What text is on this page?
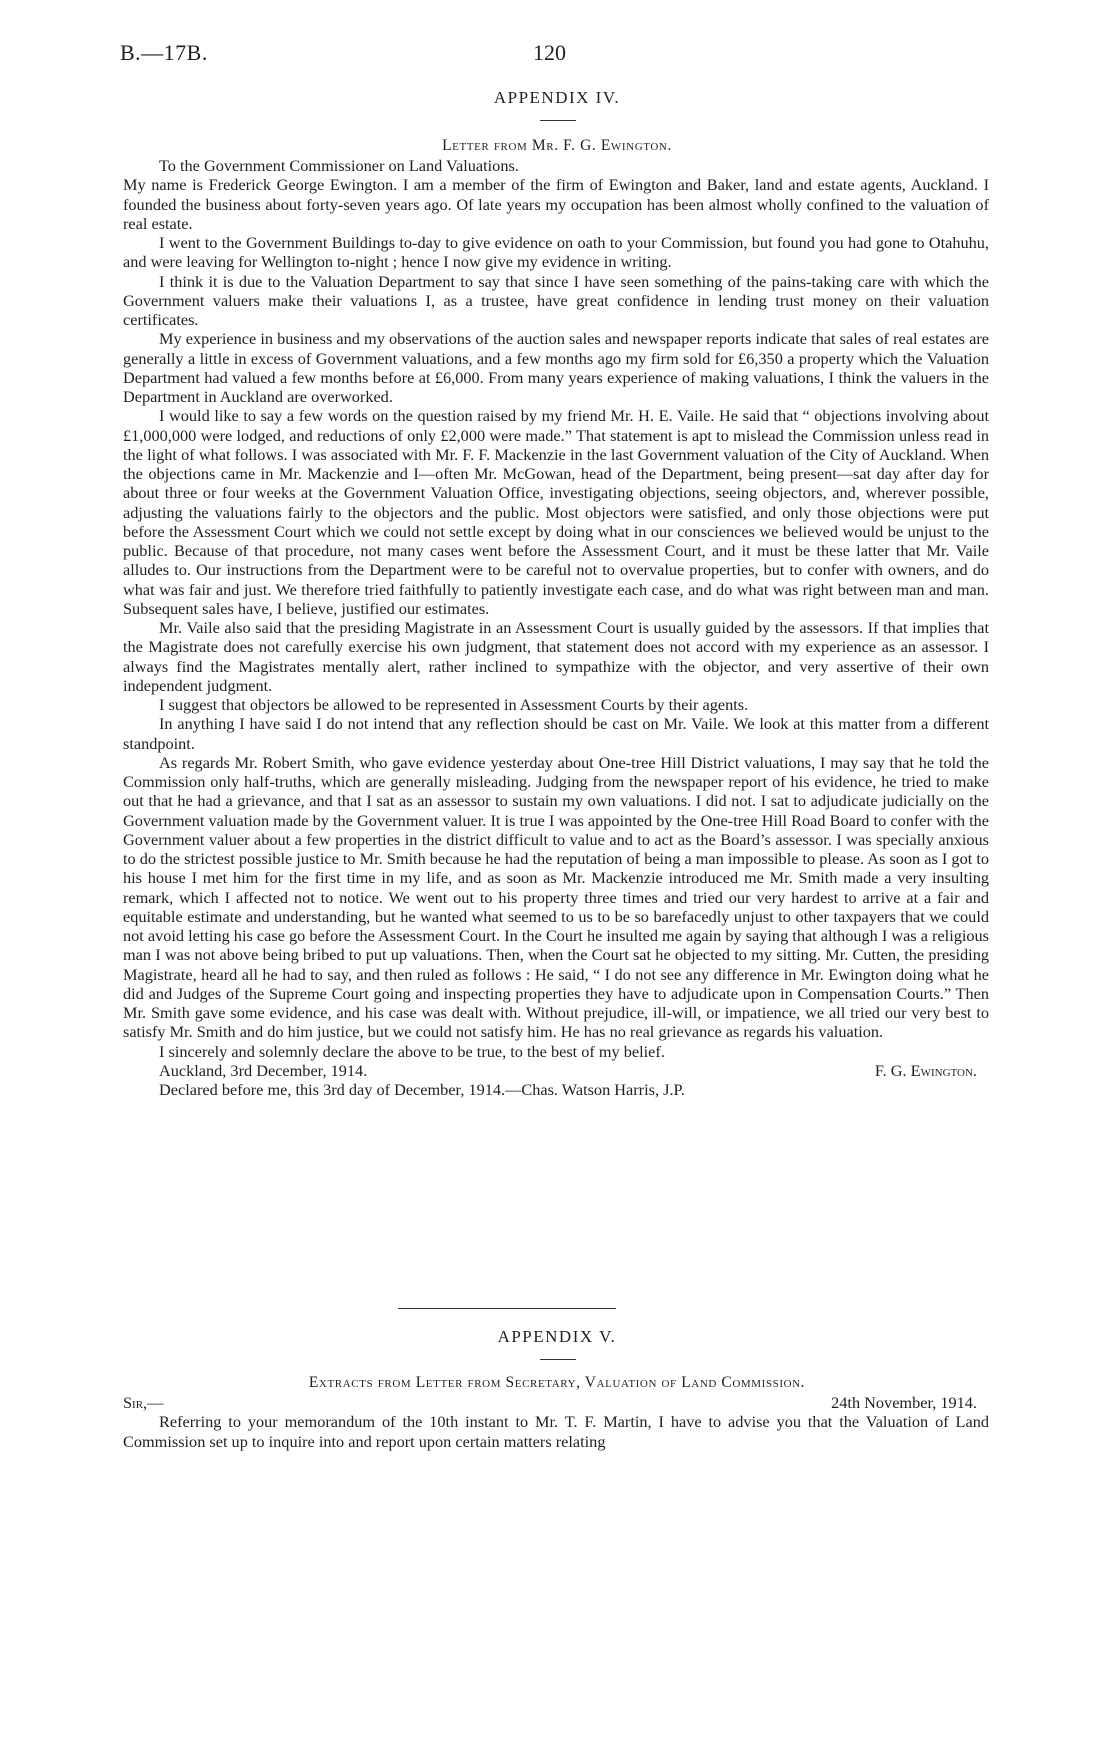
B.—17B.	120
APPENDIX IV.
Letter from Mr. F. G. Ewington.

To the Government Commissioner on Land Valuations.

My name is Frederick George Ewington. I am a member of the firm of Ewington and Baker, land and estate agents, Auckland. I founded the business about forty-seven years ago. Of late years my occupation has been almost wholly confined to the valuation of real estate.

I went to the Government Buildings to-day to give evidence on oath to your Commission, but found you had gone to Otahuhu, and were leaving for Wellington to-night ; hence I now give my evidence in writing.

I think it is due to the Valuation Department to say that since I have seen something of the pains-taking care with which the Government valuers make their valuations I, as a trustee, have great confidence in lending trust money on their valuation certificates.

My experience in business and my observations of the auction sales and newspaper reports indicate that sales of real estates are generally a little in excess of Government valuations, and a few months ago my firm sold for £6,350 a property which the Valuation Department had valued a few months before at £6,000. From many years experience of making valuations, I think the valuers in the Department in Auckland are overworked.

I would like to say a few words on the question raised by my friend Mr. H. E. Vaile. He said that “ objections involving about £1,000,000 were lodged, and reductions of only £2,000 were made.” That statement is apt to mislead the Commission unless read in the light of what follows. I was associated with Mr. F. F. Mackenzie in the last Government valuation of the City of Auckland. When the objections came in Mr. Mackenzie and I—often Mr. McGowan, head of the Department, being present—sat day after day for about three or four weeks at the Government Valuation Office, investigating objections, seeing objectors, and, wherever possible, adjusting the valuations fairly to the objectors and the public. Most objectors were satisfied, and only those objections were put before the Assessment Court which we could not settle except by doing what in our consciences we believed would be unjust to the public. Because of that procedure, not many cases went before the Assessment Court, and it must be these latter that Mr. Vaile alludes to. Our instructions from the Department were to be careful not to overvalue properties, but to confer with owners, and do what was fair and just. We therefore tried faithfully to patiently investigate each case, and do what was right between man and man. Subsequent sales have, I believe, justified our estimates.

Mr. Vaile also said that the presiding Magistrate in an Assessment Court is usually guided by the assessors. If that implies that the Magistrate does not carefully exercise his own judgment, that statement does not accord with my experience as an assessor. I always find the Magistrates mentally alert, rather inclined to sympathize with the objector, and very assertive of their own independent judgment.

I suggest that objectors be allowed to be represented in Assessment Courts by their agents.

In anything I have said I do not intend that any reflection should be cast on Mr. Vaile. We look at this matter from a different standpoint.

As regards Mr. Robert Smith, who gave evidence yesterday about One-tree Hill District valuations, I may say that he told the Commission only half-truths, which are generally misleading. Judging from the newspaper report of his evidence, he tried to make out that he had a grievance, and that I sat as an assessor to sustain my own valuations. I did not. I sat to adjudicate judicially on the Government valuation made by the Government valuer. It is true I was appointed by the One-tree Hill Road Board to confer with the Government valuer about a few properties in the district difficult to value and to act as the Board’s assessor. I was specially anxious to do the strictest possible justice to Mr. Smith because he had the reputation of being a man impossible to please. As soon as I got to his house I met him for the first time in my life, and as soon as Mr. Mackenzie introduced me Mr. Smith made a very insulting remark, which I affected not to notice. We went out to his property three times and tried our very hardest to arrive at a fair and equitable estimate and understanding, but he wanted what seemed to us to be so barefacedly unjust to other taxpayers that we could not avoid letting his case go before the Assessment Court. In the Court he insulted me again by saying that although I was a religious man I was not above being bribed to put up valuations. Then, when the Court sat he objected to my sitting. Mr. Cutten, the presiding Magistrate, heard all he had to say, and then ruled as follows : He said, “ I do not see any difference in Mr. Ewington doing what he did and Judges of the Supreme Court going and inspecting properties they have to adjudicate upon in Compensation Courts.” Then Mr. Smith gave some evidence, and his case was dealt with. Without prejudice, ill-will, or impatience, we all tried our very best to satisfy Mr. Smith and do him justice, but we could not satisfy him. He has no real grievance as regards his valuation.

I sincerely and solemnly declare the above to be true, to the best of my belief.

Auckland, 3rd December, 1914.	F. G. Ewington.

Declared before me, this 3rd day of December, 1914.—Chas. Watson Harris, J.P.

APPENDIX V.
Extracts from Letter from Secretary, Valuation of Land Commission.
Sir,—	24th November, 1914.

Referring to your memorandum of the 10th instant to Mr. T. F. Martin, I have to advise you that the Valuation of Land Commission set up to inquire into and report upon certain matters relating
